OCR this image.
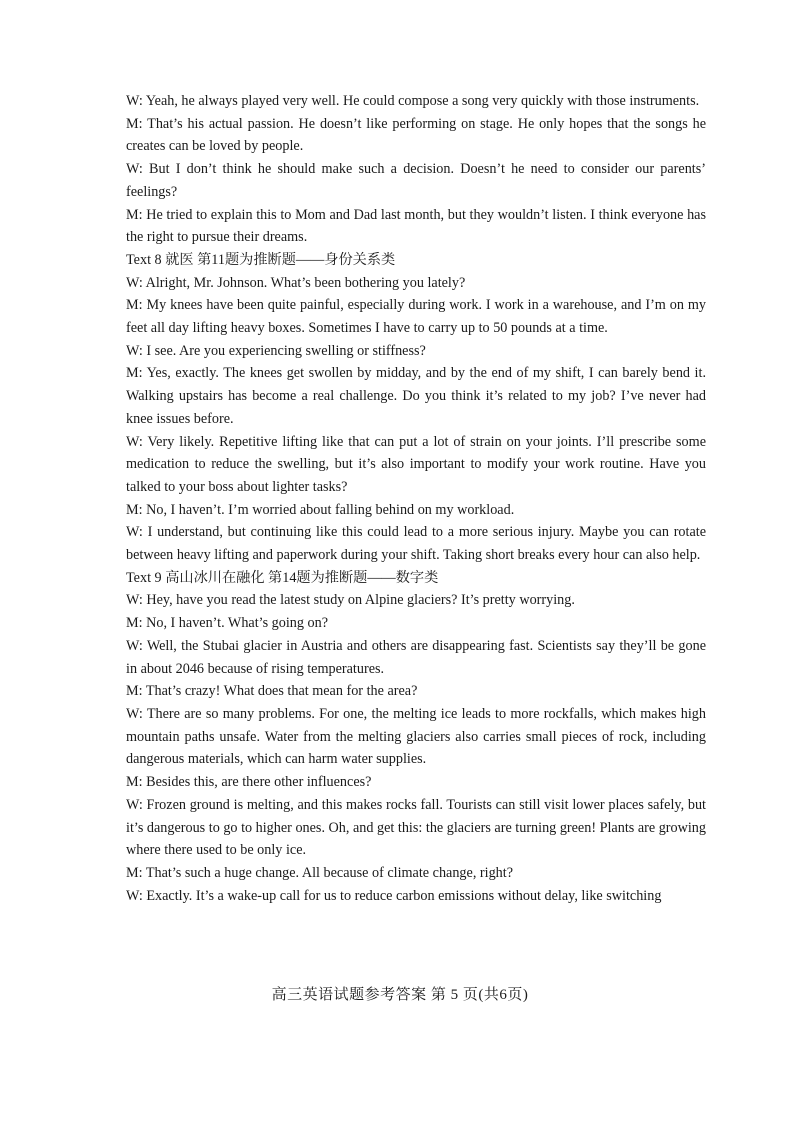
W: Yeah, he always played very well. He could compose a song very quickly with those instruments.

M: That’s his actual passion. He doesn’t like performing on stage. He only hopes that the songs he creates can be loved by people.

W: But I don’t think he should make such a decision. Doesn’t he need to consider our parents’ feelings?

M: He tried to explain this to Mom and Dad last month, but they wouldn’t listen. I think everyone has the right to pursue their dreams.

Text 8 就医 第11题为推断题——身份关系类

W: Alright, Mr. Johnson. What’s been bothering you lately?

M: My knees have been quite painful, especially during work. I work in a warehouse, and I’m on my feet all day lifting heavy boxes. Sometimes I have to carry up to 50 pounds at a time.

W: I see. Are you experiencing swelling or stiffness?

M: Yes, exactly. The knees get swollen by midday, and by the end of my shift, I can barely bend it. Walking upstairs has become a real challenge. Do you think it’s related to my job? I’ve never had knee issues before.

W: Very likely. Repetitive lifting like that can put a lot of strain on your joints. I’ll prescribe some medication to reduce the swelling, but it’s also important to modify your work routine. Have you talked to your boss about lighter tasks?

M: No, I haven’t. I’m worried about falling behind on my workload.

W: I understand, but continuing like this could lead to a more serious injury. Maybe you can rotate between heavy lifting and paperwork during your shift. Taking short breaks every hour can also help.

Text 9 高山冰川在融化 第14题为推断题——数字类

W: Hey, have you read the latest study on Alpine glaciers? It’s pretty worrying.

M: No, I haven’t. What’s going on?

W: Well, the Stubai glacier in Austria and others are disappearing fast. Scientists say they’ll be gone in about 2046 because of rising temperatures.

M: That’s crazy! What does that mean for the area?

W: There are so many problems. For one, the melting ice leads to more rockfalls, which makes high mountain paths unsafe. Water from the melting glaciers also carries small pieces of rock, including dangerous materials, which can harm water supplies.

M: Besides this, are there other influences?

W: Frozen ground is melting, and this makes rocks fall. Tourists can still visit lower places safely, but it’s dangerous to go to higher ones. Oh, and get this: the glaciers are turning green! Plants are growing where there used to be only ice.

M: That’s such a huge change. All because of climate change, right?

W: Exactly. It’s a wake-up call for us to reduce carbon emissions without delay, like switching

高三英语试题参考答案 第 5 页(共6页)
